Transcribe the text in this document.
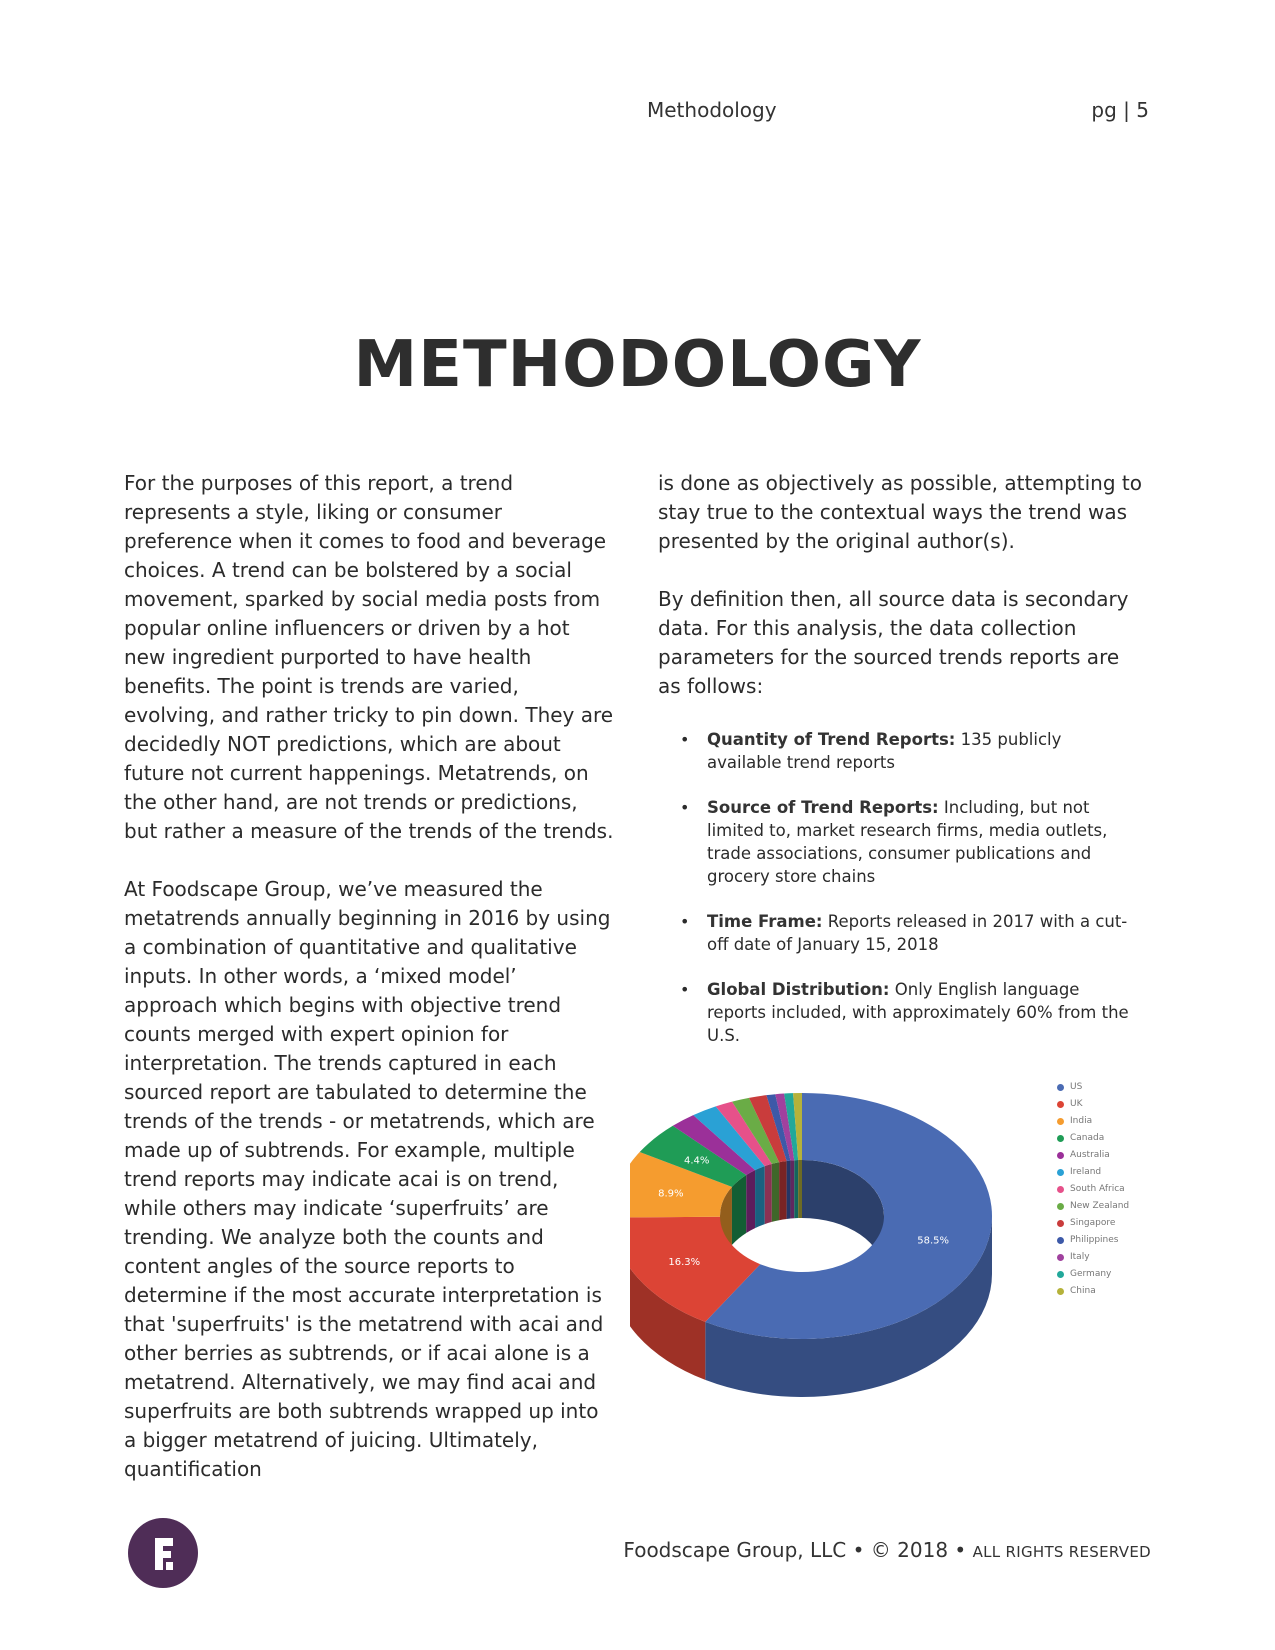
Methodology	pg | 5
METHODOLOGY

For the purposes of this report, a trend represents a style, liking or consumer preference when it comes to food and beverage choices. A trend can be bolstered by a social movement, sparked by social media posts from popular online influencers or driven by a hot new ingredient purported to have health benefits. The point is trends are varied, evolving, and rather tricky to pin down. They are decidedly NOT predictions, which are about future not current happenings. Metatrends, on the other hand, are not trends or predictions, but rather a measure of the trends of the trends.

At Foodscape Group, we’ve measured the metatrends annually beginning in 2016 by using a combination of quantitative and qualitative inputs. In other words, a ‘mixed model’ approach which begins with objective trend counts merged with expert opinion for interpretation. The trends captured in each sourced report are tabulated to determine the trends of the trends - or metatrends, which are made up of subtrends. For example, multiple trend reports may indicate acai is on trend, while others may indicate ‘superfruits’ are trending. We analyze both the counts and content angles of the source reports to determine if the most accurate interpretation is that 'superfruits' is the metatrend with acai and other berries as subtrends, or if acai alone is a metatrend. Alternatively, we may find acai and superfruits are both subtrends wrapped up into a bigger metatrend of juicing. Ultimately, quantification

is done as objectively as possible, attempting to stay true to the contextual ways the trend was presented by the original author(s).

By definition then, all source data is secondary data. For this analysis, the data collection parameters for the sourced trends reports are as follows:

• Quantity of Trend Reports: 135 publicly available trend reports
• Source of Trend Reports: Including, but not limited to, market research firms, media outlets, trade associations, consumer publications and grocery store chains
• Time Frame: Reports released in 2017 with a cut-off date of January 15, 2018
• Global Distribution: Only English language reports included, with approximately 60% from the U.S.
58.5%
16.3%
8.9%
4.4%
US
UK
India
Canada
Australia
Ireland
South Africa
New Zealand
Singapore
Philippines
Italy
Germany
China
Foodscape Group, LLC • © 2018 • ALL RIGHTS RESERVED
